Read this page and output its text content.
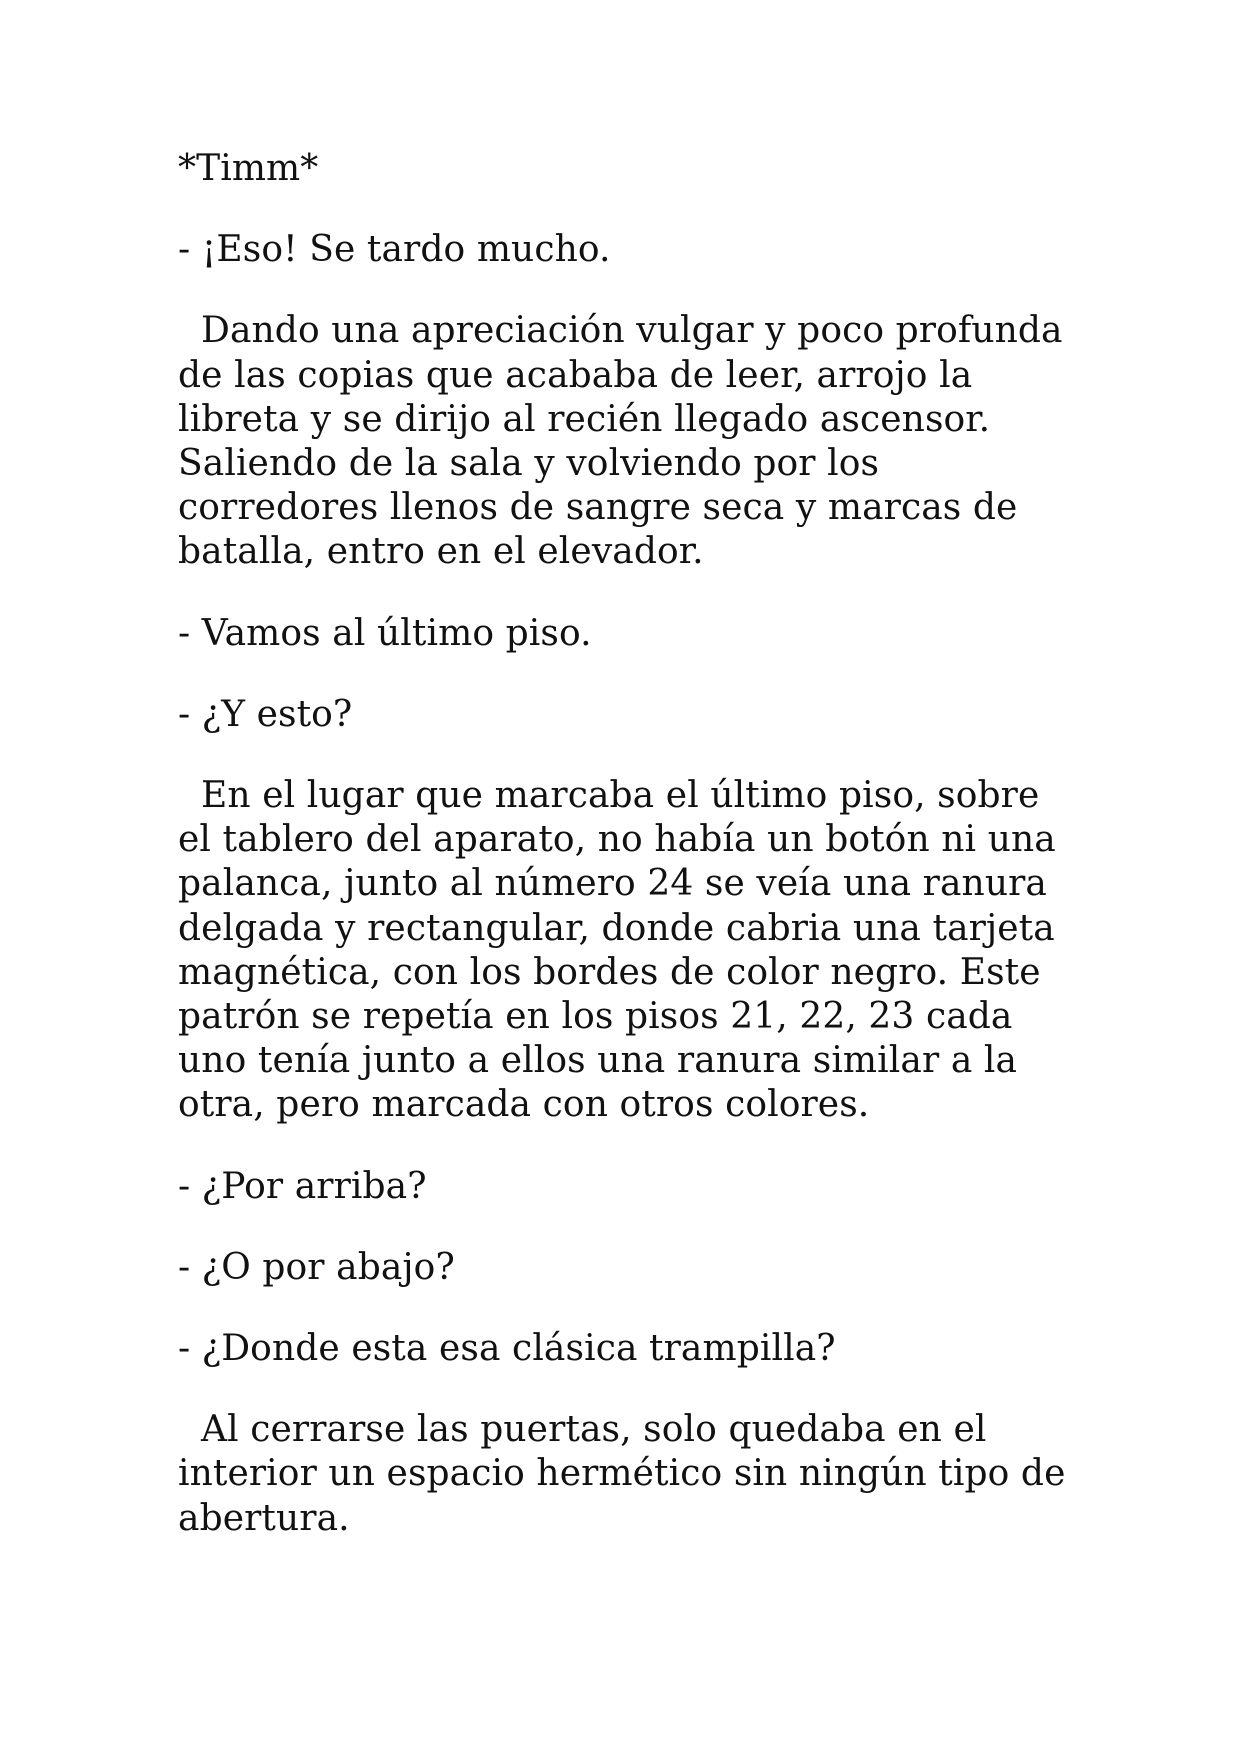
*Timm*
- ¡Eso! Se tardo mucho.
Dando una apreciación vulgar y poco profunda
de las copias que acababa de leer, arrojo la
libreta y se dirijo al recién llegado ascensor.
Saliendo de la sala y volviendo por los
corredores llenos de sangre seca y marcas de
batalla, entro en el elevador.
- Vamos al último piso.
- ¿Y esto?
En el lugar que marcaba el último piso, sobre
el tablero del aparato, no había un botón ni una
palanca, junto al número 24 se veía una ranura
delgada y rectangular, donde cabria una tarjeta
magnética, con los bordes de color negro. Este
patrón se repetía en los pisos 21, 22, 23 cada
uno tenía junto a ellos una ranura similar a la
otra, pero marcada con otros colores.
- ¿Por arriba?
- ¿O por abajo?
- ¿Donde esta esa clásica trampilla?
Al cerrarse las puertas, solo quedaba en el
interior un espacio hermético sin ningún tipo de
abertura.
